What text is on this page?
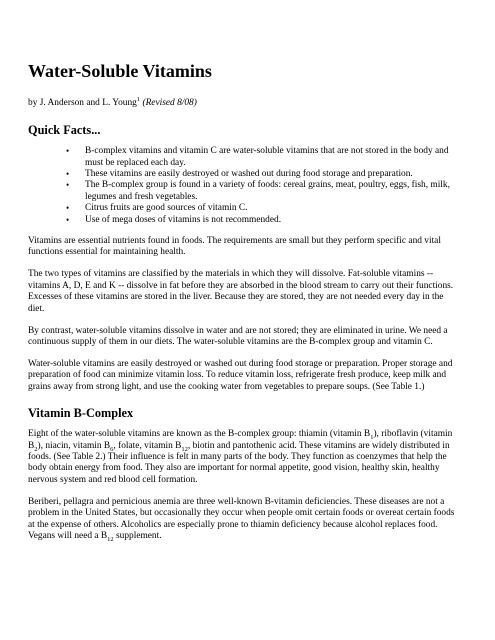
Water-Soluble Vitamins
by J. Anderson and L. Young$^1$ (Revised 8/08)
Quick Facts...
• B-complex vitamins and vitamin C are water-soluble vitamins that are not stored in the body and must be replaced each day.
• These vitamins are easily destroyed or washed out during food storage and preparation.
• The B-complex group is found in a variety of foods: cereal grains, meat, poultry, eggs, fish, milk, legumes and fresh vegetables.
• Citrus fruits are good sources of vitamin C.
• Use of mega doses of vitamins is not recommended.

Vitamins are essential nutrients found in foods. The requirements are small but they perform specific and vital functions essential for maintaining health.

The two types of vitamins are classified by the materials in which they will dissolve. Fat-soluble vitamins -- vitamins A, D, E and K -- dissolve in fat before they are absorbed in the blood stream to carry out their functions. Excesses of these vitamins are stored in the liver. Because they are stored, they are not needed every day in the diet.

By contrast, water-soluble vitamins dissolve in water and are not stored; they are eliminated in urine. We need a continuous supply of them in our diets. The water-soluble vitamins are the B-complex group and vitamin C.

Water-soluble vitamins are easily destroyed or washed out during food storage or preparation. Proper storage and preparation of food can minimize vitamin loss. To reduce vitamin loss, refrigerate fresh produce, keep milk and grains away from strong light, and use the cooking water from vegetables to prepare soups. (See Table 1.)

Vitamin B-Complex

Eight of the water-soluble vitamins are known as the B-complex group: thiamin (vitamin $B_1$), riboflavin (vitamin $B_2$), niacin, vitamin $B_6$, folate, vitamin $B_{12}$, biotin and pantothenic acid. These vitamins are widely distributed in foods. (See Table 2.) Their influence is felt in many parts of the body. They function as coenzymes that help the body obtain energy from food. They also are important for normal appetite, good vision, healthy skin, healthy nervous system and red blood cell formation.

Beriberi, pellagra and pernicious anemia are three well-known B-vitamin deficiencies. These diseases are not a problem in the United States, but occasionally they occur when people omit certain foods or overeat certain foods at the expense of others. Alcoholics are especially prone to thiamin deficiency because alcohol replaces food. Vegans will need a $B_{12}$ supplement.
